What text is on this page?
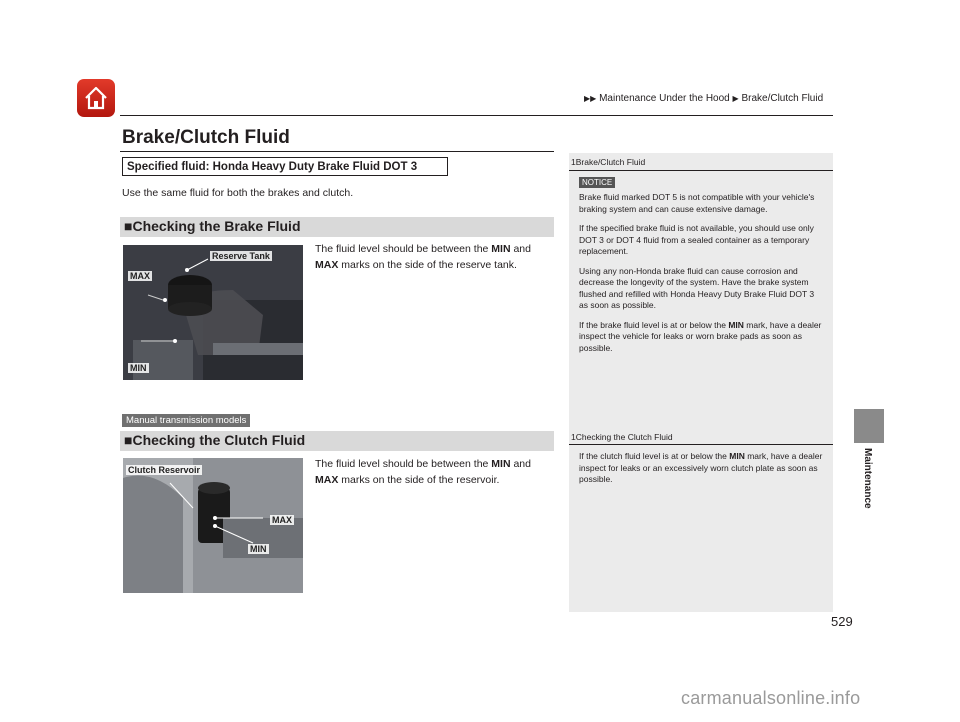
▶▶ Maintenance Under the Hood ▶ Brake/Clutch Fluid
Brake/Clutch Fluid
Specified fluid: Honda Heavy Duty Brake Fluid DOT 3
Use the same fluid for both the brakes and clutch.
■Checking the Brake Fluid
Reserve Tank
MAX
MIN
The fluid level should be between the MIN and MAX marks on the side of the reserve tank.
Manual transmission models
■Checking the Clutch Fluid
Clutch Reservoir
MAX
MIN
The fluid level should be between the MIN and MAX marks on the side of the reservoir.
1Brake/Clutch Fluid
NOTICE

Brake fluid marked DOT 5 is not compatible with your vehicle's braking system and can cause extensive damage.

If the specified brake fluid is not available, you should use only DOT 3 or DOT 4 fluid from a sealed container as a temporary replacement.

Using any non-Honda brake fluid can cause corrosion and decrease the longevity of the system. Have the brake system flushed and refilled with Honda Heavy Duty Brake Fluid DOT 3 as soon as possible.

If the brake fluid level is at or below the MIN mark, have a dealer inspect the vehicle for leaks or worn brake pads as soon as possible.

1Checking the Clutch Fluid

If the clutch fluid level is at or below the MIN mark, have a dealer inspect for leaks or an excessively worn clutch plate as soon as possible.	Maintenance
529
carmanualsonline.info
